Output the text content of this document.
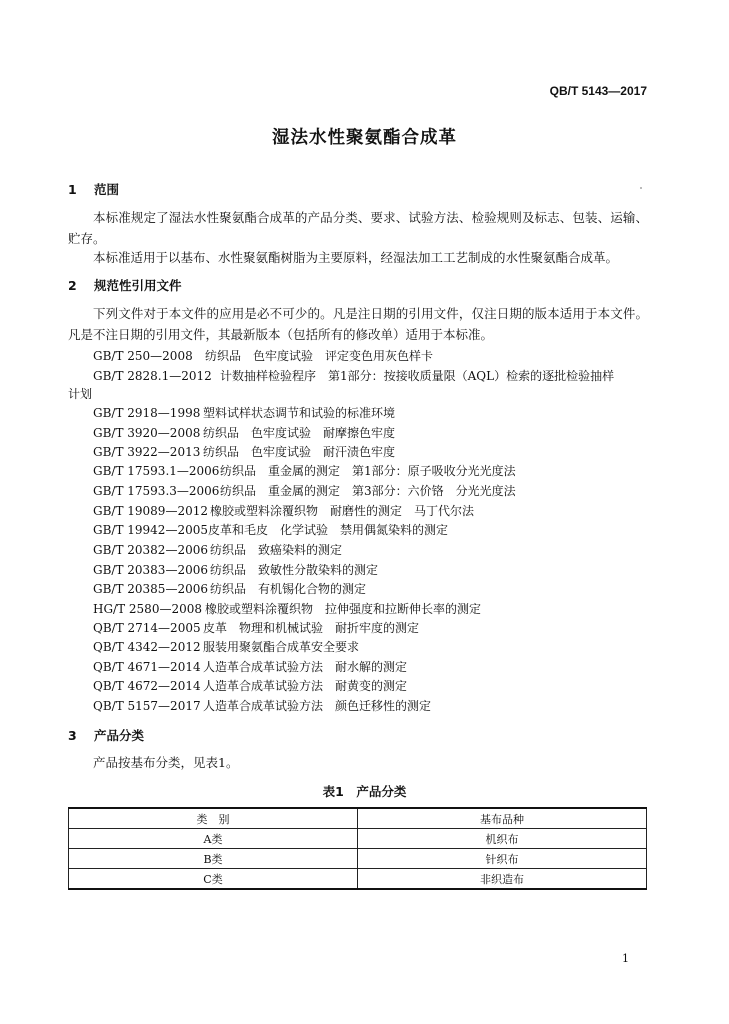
QB/T 5143—2017
湿法水性聚氨酯合成革
1 范围

本标准规定了湿法水性聚氨酯合成革的产品分类、要求、试验方法、检验规则及标志、包装、运输、贮存。

本标准适用于以基布、水性聚氨酯树脂为主要原料，经湿法加工工艺制成的水性聚氨酯合成革。

2 规范性引用文件

下列文件对于本文件的应用是必不可少的。凡是注日期的引用文件，仅注日期的版本适用于本文件。凡是不注日期的引用文件，其最新版本（包括所有的修改单）适用于本标准。

GB/T 250—2008 纺织品　色牢度试验　评定变色用灰色样卡
GB/T 2828.1—2012 计数抽样检验程序　第1部分：按接收质量限（AQL）检索的逐批检验抽样
计划
GB/T 2918—1998 塑料试样状态调节和试验的标准环境
GB/T 3920—2008 纺织品　色牢度试验　耐摩擦色牢度
GB/T 3922—2013 纺织品　色牢度试验　耐汗渍色牢度
GB/T 17593.1—2006纺织品　重金属的测定　第1部分：原子吸收分光光度法
GB/T 17593.3—2006纺织品　重金属的测定　第3部分：六价铬　分光光度法
GB/T 19089—2012 橡胶或塑料涂覆织物　耐磨性的测定　马丁代尔法
GB/T 19942—2005皮革和毛皮　化学试验　禁用偶氮染料的测定
GB/T 20382—2006 纺织品　致癌染料的测定
GB/T 20383—2006 纺织品　致敏性分散染料的测定
GB/T 20385—2006 纺织品　有机锡化合物的测定
HG/T 2580—2008 橡胶或塑料涂覆织物　拉伸强度和拉断伸长率的测定
QB/T 2714—2005 皮革　物理和机械试验　耐折牢度的测定
QB/T 4342—2012 服装用聚氨酯合成革安全要求
QB/T 4671—2014 人造革合成革试验方法　耐水解的测定
QB/T 4672—2014 人造革合成革试验方法　耐黄变的测定
QB/T 5157—2017 人造革合成革试验方法　颜色迁移性的测定
3 产品分类

产品按基布分类，见表1。

表1　产品分类
类　别	基布品种
A类	机织布
B类	针织布
C类	非织造布
1
